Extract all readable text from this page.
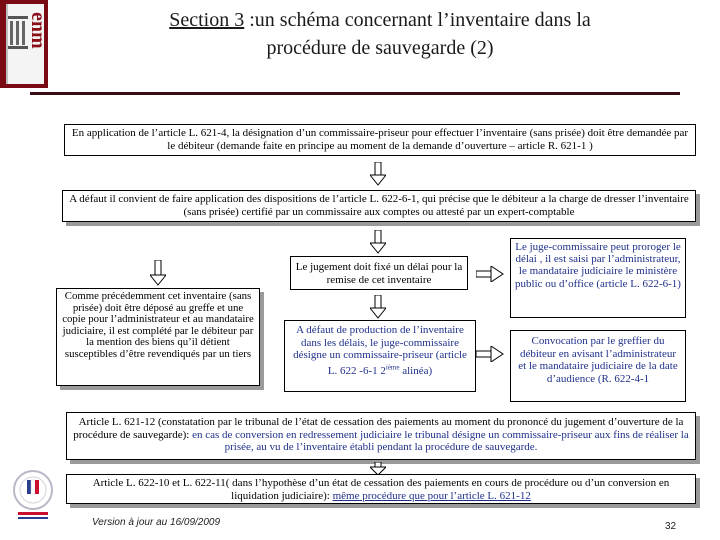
enm	Section 3 :un schéma concernant l’inventaire dans la
procédure de sauvegarde (2)
En application de l’article L. 621-4, la désignation d’un commissaire-priseur pour effectuer l’inventaire (sans prisée) doit être demandée par le débiteur (demande faite en principe au moment de la demande d’ouverture – article R. 621-1 )
A défaut il convient de faire application des dispositions de l’article L. 622-6-1, qui précise que le débiteur a la charge de dresser l’inventaire (sans prisée) certifié par un commissaire aux comptes ou attesté par un expert-comptable
Comme précédemment cet inventaire (sans prisée) doit être déposé au greffe et une copie pour l’administrateur et au mandataire judiciaire, il est complété par le débiteur par la mention des biens qu’il détient susceptibles d’être revendiqués par un tiers
Le jugement doit fixé un délai pour la remise de cet inventaire
Le juge-commissaire peut proroger le délai , il est saisi par l’administrateur, le mandataire judiciaire le ministère public ou d’office (article L. 622-6-1)
A défaut de production de l’inventaire dans les délais, le juge-commissaire désigne un commissaire-priseur (article L. 622 -6-1 2ième alinéa)
Convocation par le greffier du débiteur en avisant l’administrateur et le mandataire judiciaire de la date d’audience (R. 622-4-1
Article L. 621-12 (constatation par le tribunal de l’état de cessation des paiements au moment du prononcé du jugement d’ouverture de la procédure de sauvegarde): en cas de conversion en redressement judiciaire le tribunal désigne un commissaire-priseur aux fins de réaliser la prisée, au vu de l’inventaire établi pendant la procédure de sauvegarde.
Article L. 622-10 et L. 622-11( dans l’hypothèse d’un état de cessation des paiements en cours de procédure ou d’un conversion en liquidation judiciaire): même procédure que pour l’article L. 621-12
Version à jour au 16/09/2009	32
